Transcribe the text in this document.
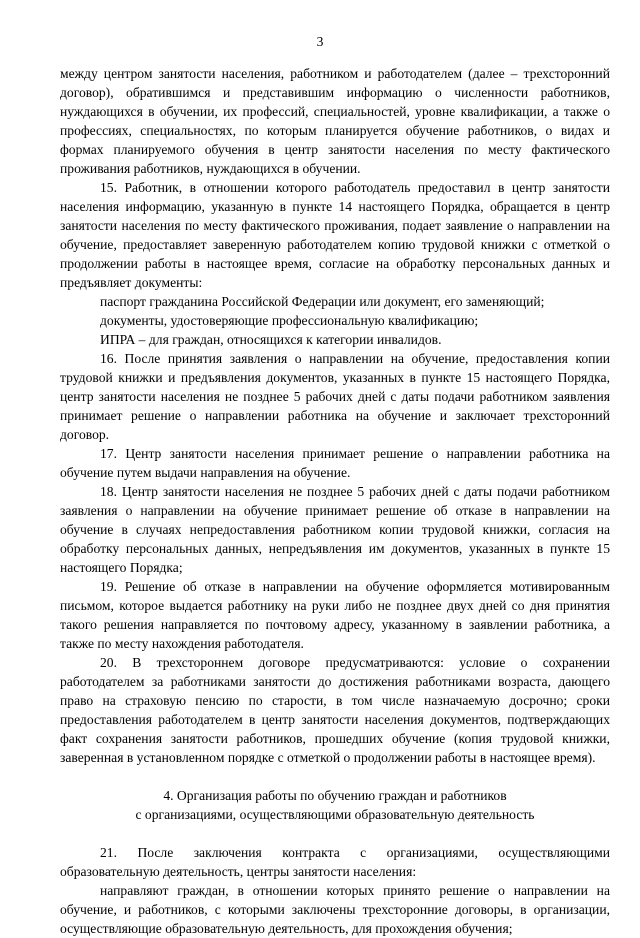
3

между центром занятости населения, работником и работодателем (далее – трехсторонний договор), обратившимся и представившим информацию о численности работников, нуждающихся в обучении, их профессий, специальностей, уровне квалификации, а также о профессиях, специальностях, по которым планируется обучение работников, о видах и формах планируемого обучения в центр занятости населения по месту фактического проживания работников, нуждающихся в обучении.

15. Работник, в отношении которого работодатель предоставил в центр занятости населения информацию, указанную в пункте 14 настоящего Порядка, обращается в центр занятости населения по месту фактического проживания, подает заявление о направлении на обучение, предоставляет заверенную работодателем копию трудовой книжки с отметкой о продолжении работы в настоящее время, согласие на обработку персональных данных и предъявляет документы:

паспорт гражданина Российской Федерации или документ, его заменяющий;

документы, удостоверяющие профессиональную квалификацию;

ИПРА – для граждан, относящихся к категории инвалидов.

16. После принятия заявления о направлении на обучение, предоставления копии трудовой книжки и предъявления документов, указанных в пункте 15 настоящего Порядка, центр занятости населения не позднее 5 рабочих дней с даты подачи работником заявления принимает решение о направлении работника на обучение и заключает трехсторонний договор.

17. Центр занятости населения принимает решение о направлении работника на обучение путем выдачи направления на обучение.

18. Центр занятости населения не позднее 5 рабочих дней с даты подачи работником заявления о направлении на обучение принимает решение об отказе в направлении на обучение в случаях непредоставления работником копии трудовой книжки, согласия на обработку персональных данных, непредъявления им документов, указанных в пункте 15 настоящего Порядка;

19. Решение об отказе в направлении на обучение оформляется мотивированным письмом, которое выдается работнику на руки либо не позднее двух дней со дня принятия такого решения направляется по почтовому адресу, указанному в заявлении работника, а также по месту нахождения работодателя.

20. В трехстороннем договоре предусматриваются: условие о сохранении работодателем за работниками занятости до достижения работниками возраста, дающего право на страховую пенсию по старости, в том числе назначаемую досрочно; сроки предоставления работодателем в центр занятости населения документов, подтверждающих факт сохранения занятости работников, прошедших обучение (копия трудовой книжки, заверенная в установленном порядке с отметкой о продолжении работы в настоящее время).

4. Организация работы по обучению граждан и работников
с организациями, осуществляющими образовательную деятельность

21. После заключения контракта с организациями, осуществляющими образовательную деятельность, центры занятости населения:

направляют граждан, в отношении которых принято решение о направлении на обучение, и работников, с которыми заключены трехсторонние договоры, в организации, осуществляющие образовательную деятельность, для прохождения обучения;
